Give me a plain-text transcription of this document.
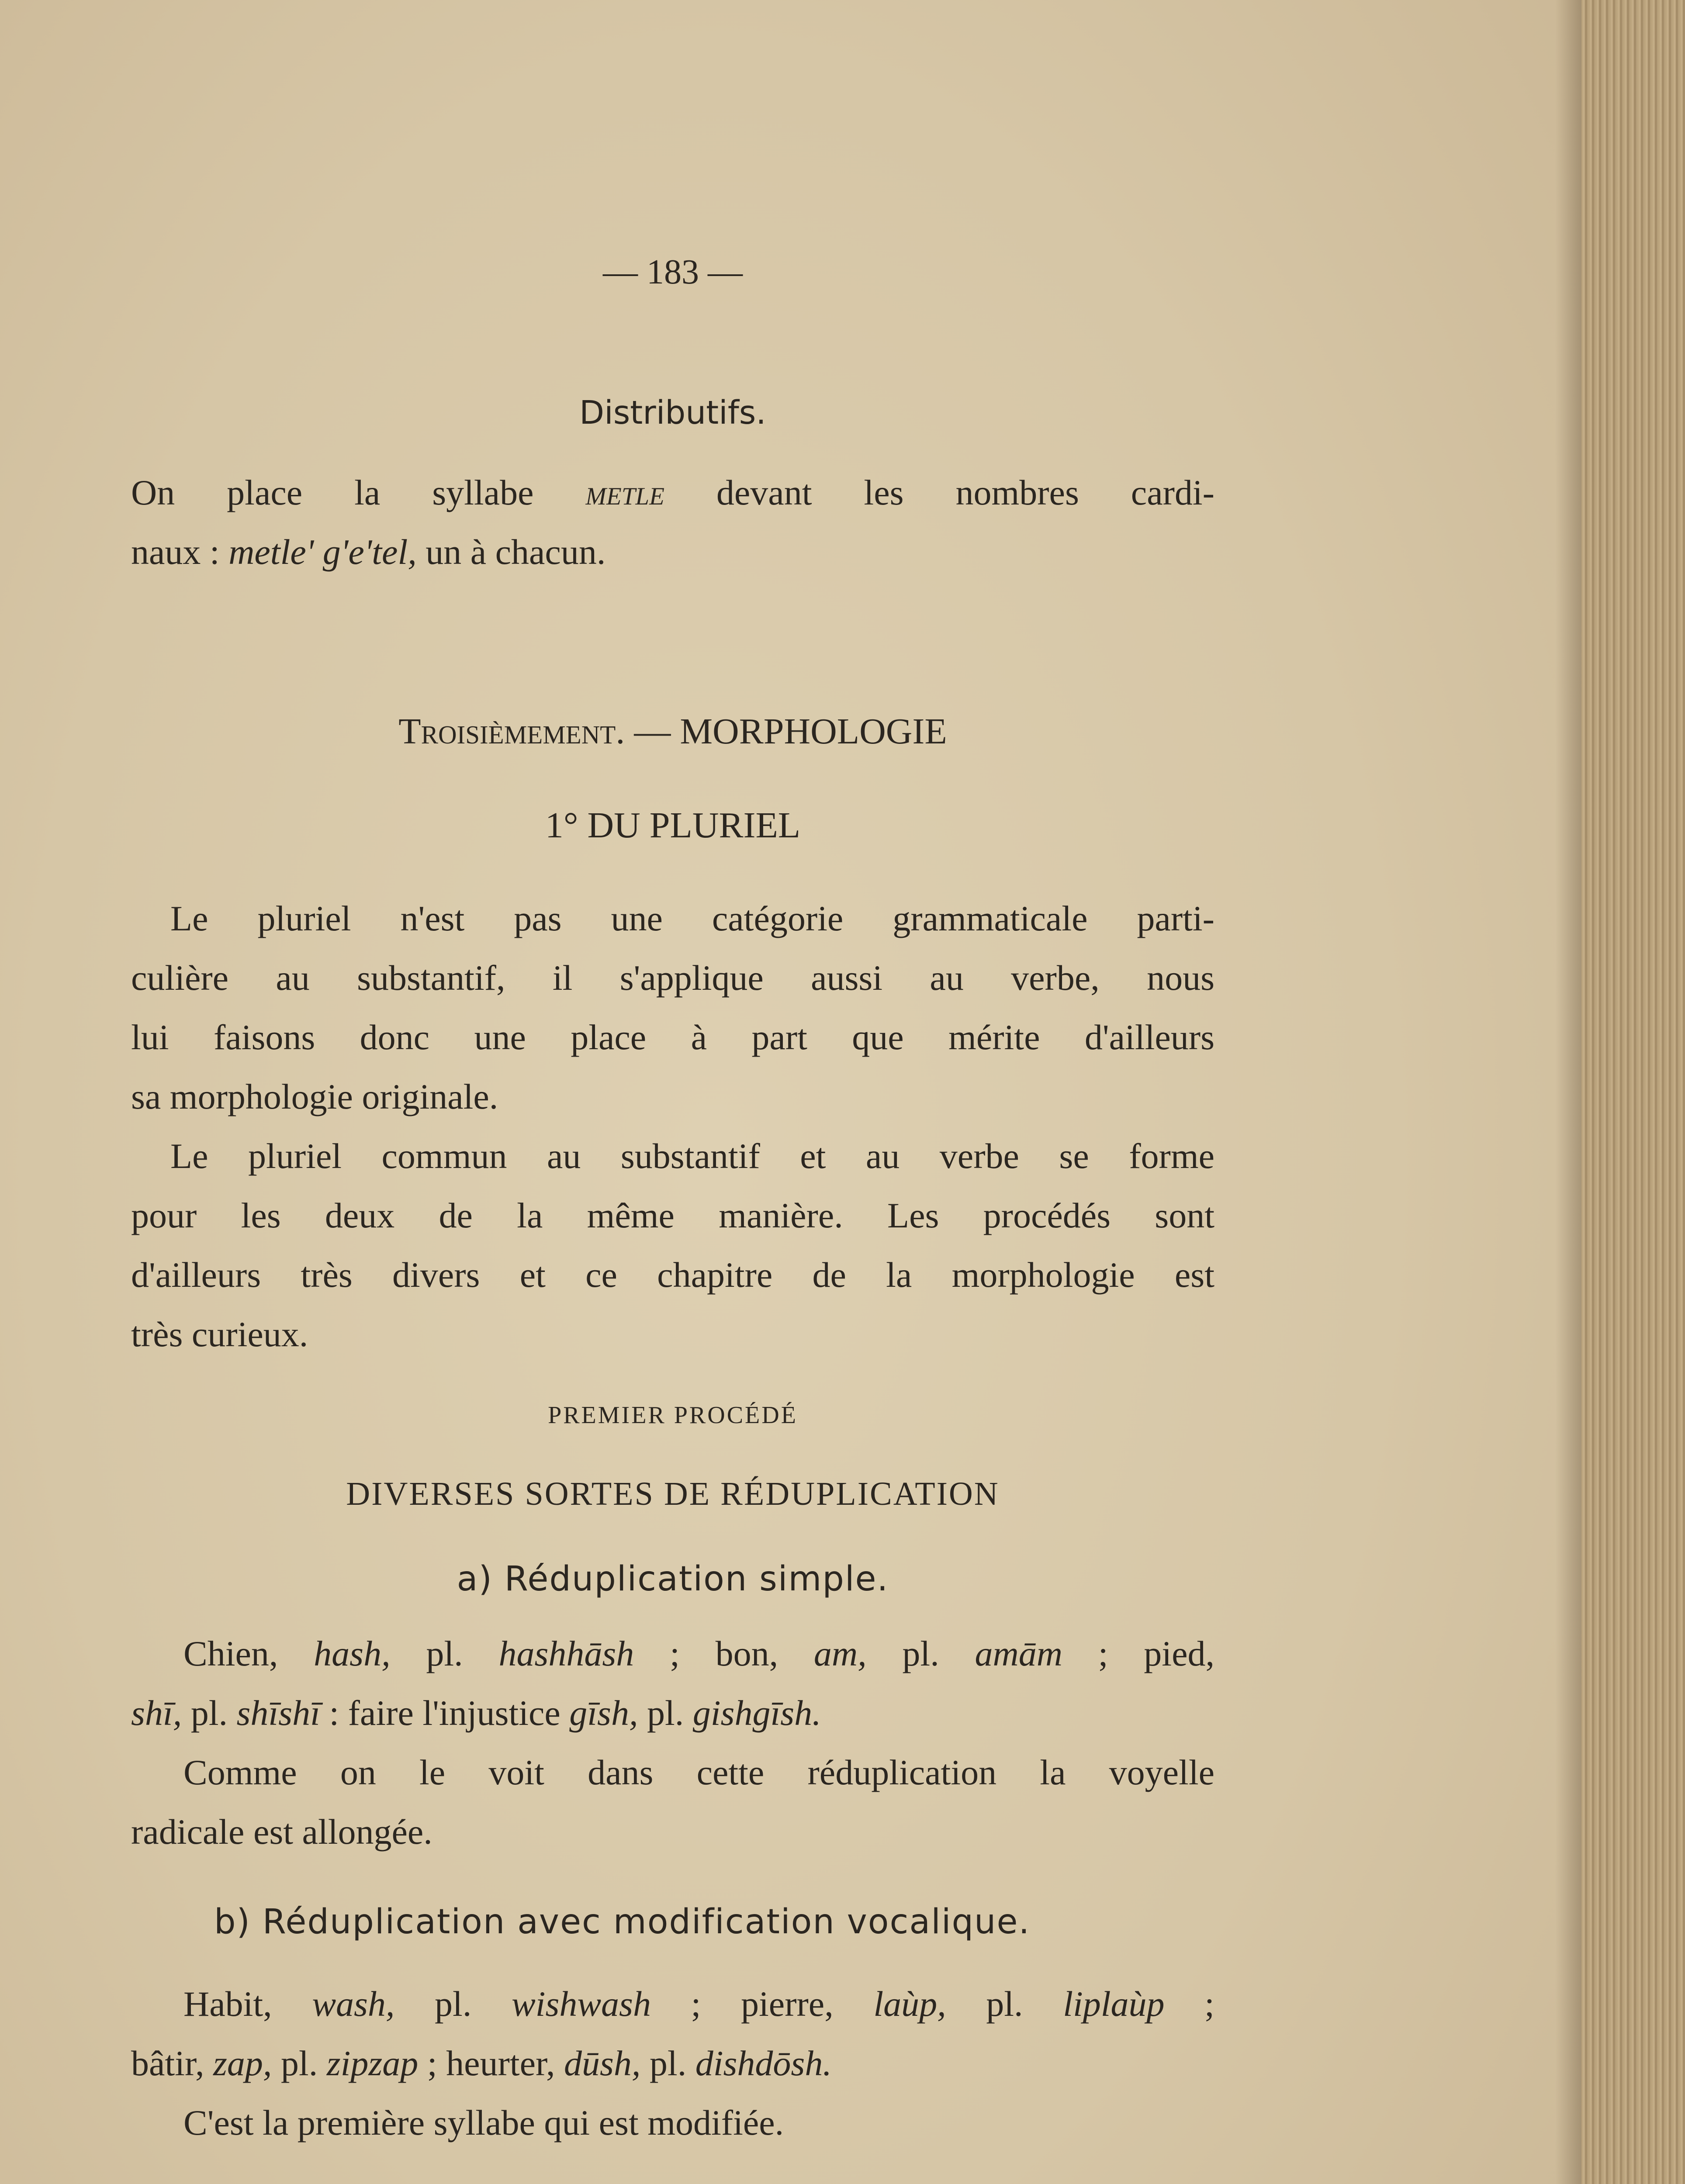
— 183 —
Distributifs.
On place la syllabe metle devant les nombres cardi-
naux : metle' g'e'tel, un à chacun.
Troisièmement. — MORPHOLOGIE
1° DU PLURIEL
Le pluriel n'est pas une catégorie grammaticale parti-
culière au substantif, il s'applique aussi au verbe, nous
lui faisons donc une place à part que mérite d'ailleurs
sa morphologie originale.
Le pluriel commun au substantif et au verbe se forme
pour les deux de la même manière. Les procédés sont
d'ailleurs très divers et ce chapitre de la morphologie est
très curieux.
PREMIER PROCÉDÉ
DIVERSES SORTES DE RÉDUPLICATION
a) Réduplication simple.
Chien, hash, pl. hashhāsh ; bon, am, pl. amām ; pied,
shī, pl. shīshī : faire l'injustice gīsh, pl. gishgīsh.
Comme on le voit dans cette réduplication la voyelle
radicale est allongée.
b) Réduplication avec modification vocalique.
Habit, wash, pl. wishwash ; pierre, laùp, pl. liplaùp ;
bâtir, zap, pl. zipzap ; heurter, dūsh, pl. dishdōsh.
C'est la première syllabe qui est modifiée.
